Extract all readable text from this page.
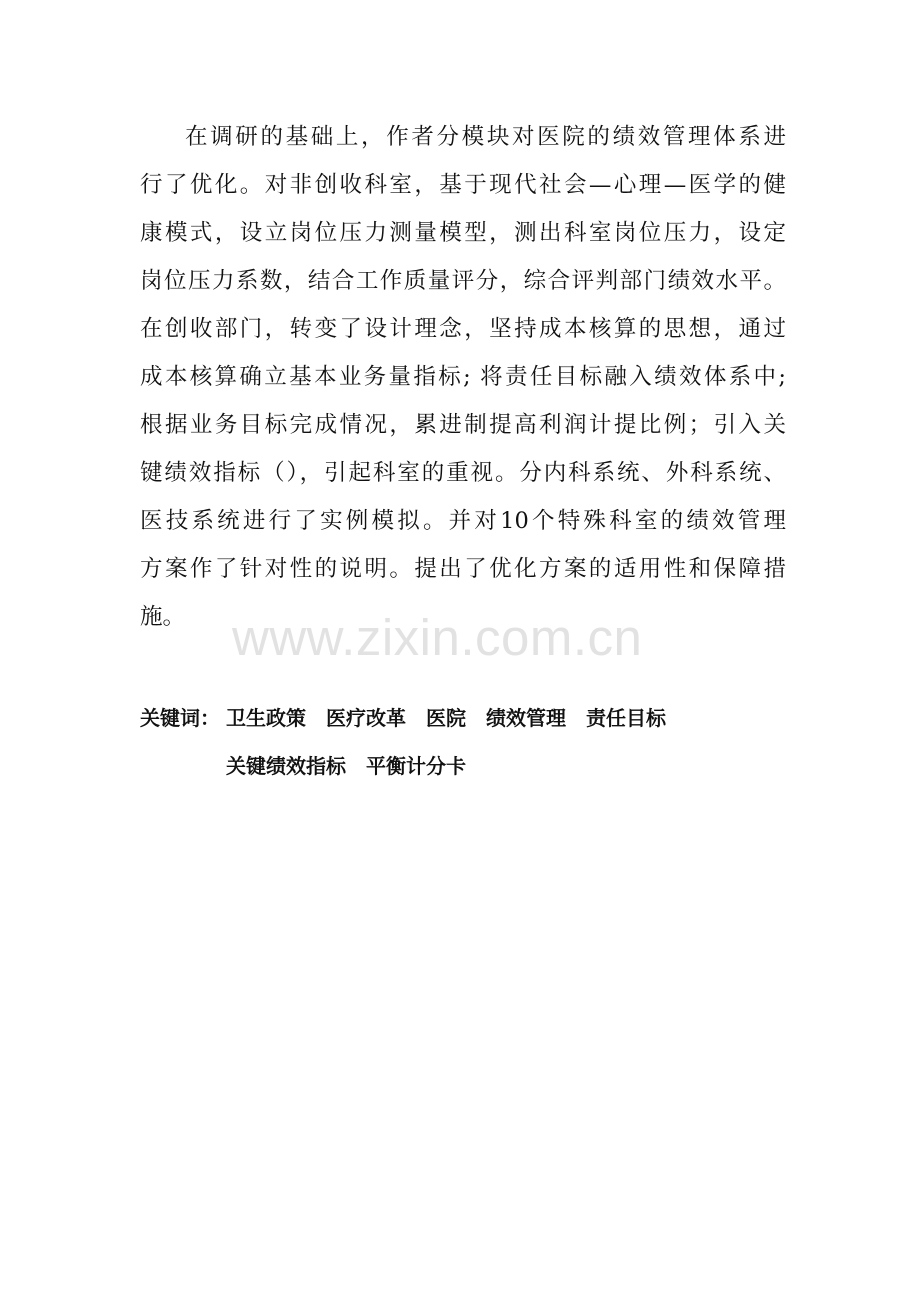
在调研的基础上，作者分模块对医院的绩效管理体系进
行了优化。对非创收科室，基于现代社会—心理—医学的健
康模式，设立岗位压力测量模型，测出科室岗位压力，设定
岗位压力系数，结合工作质量评分，综合评判部门绩效水平。
在创收部门，转变了设计理念，坚持成本核算的思想，通过
成本核算确立基本业务量指标; 将责任目标融入绩效体系中;
根据业务目标完成情况，累进制提高利润计提比例；引入关
键绩效指标（），引起科室的重视。分内科系统、外科系统、
医技系统进行了实例模拟。并对10个特殊科室的绩效管理
方案作了针对性的说明。提出了优化方案的适用性和保障措
施。 www.zixin.com.cn
关键词： 卫生政策 医疗改革 医院 绩效管理 责任目标
关键绩效指标 平衡计分卡
